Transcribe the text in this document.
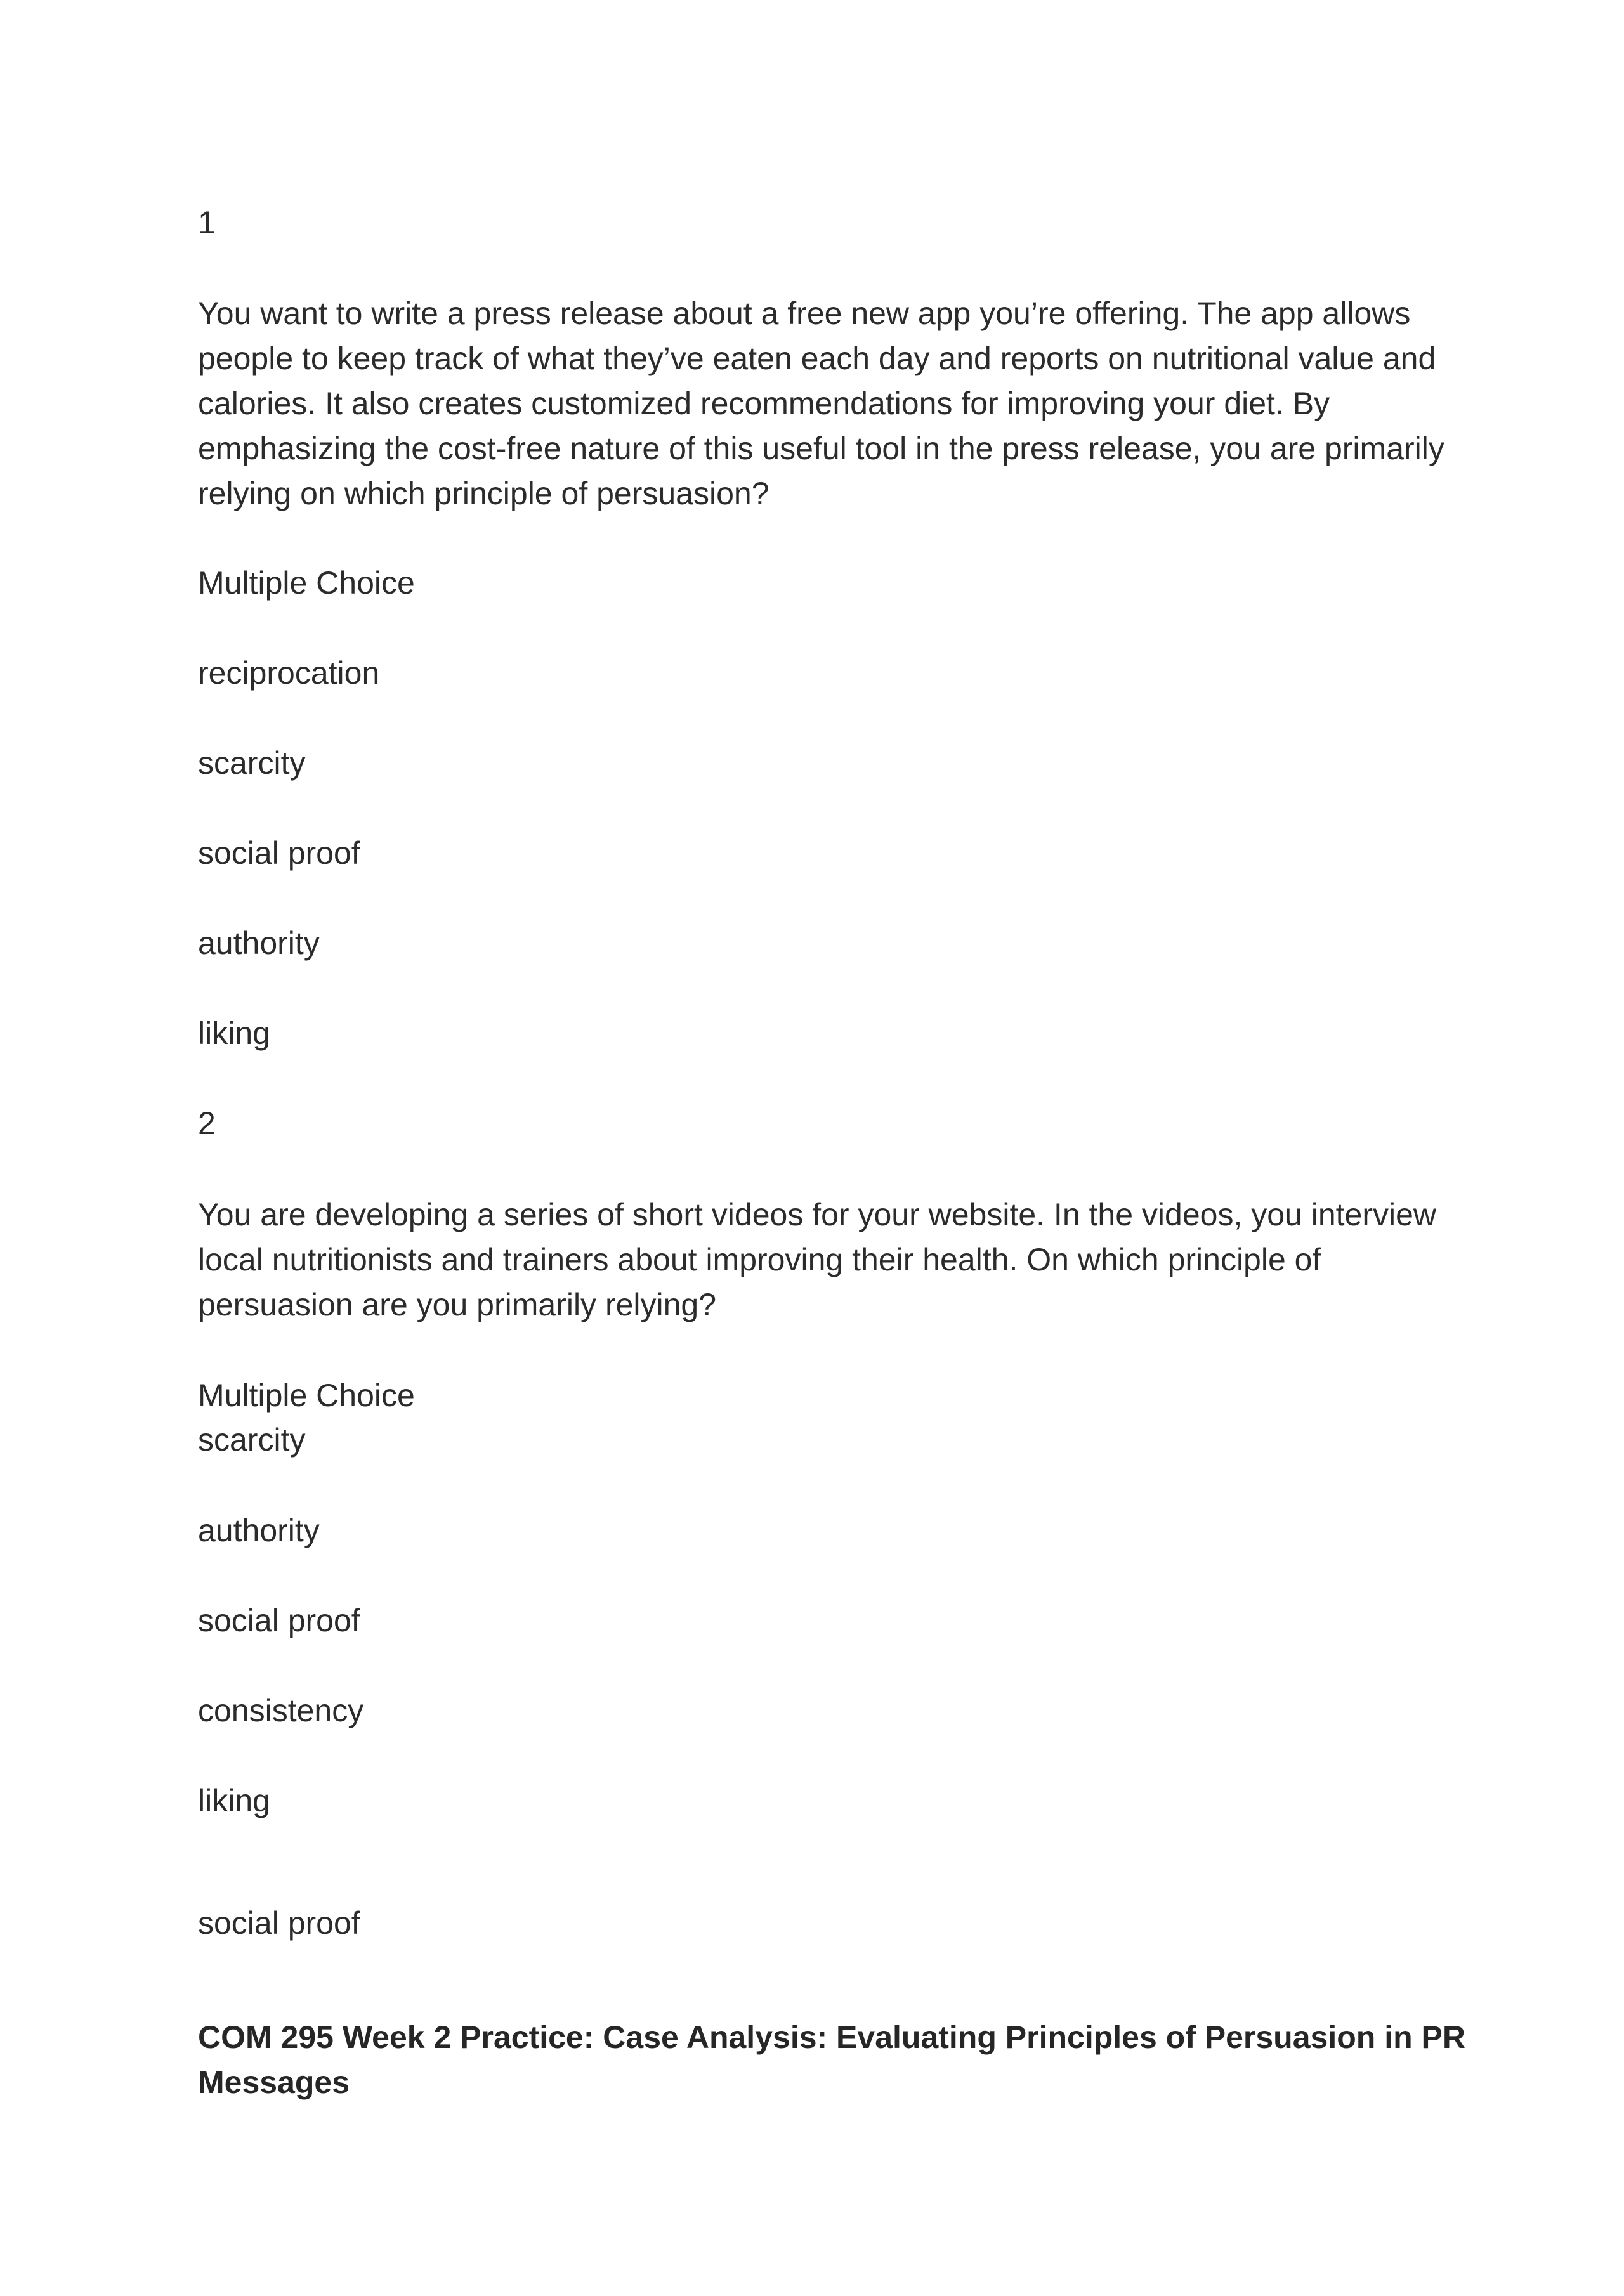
1

You want to write a press release about a free new app you’re offering. The app allows people to keep track of what they’ve eaten each day and reports on nutritional value and calories. It also creates customized recommendations for improving your diet. By emphasizing the cost-free nature of this useful tool in the press release, you are primarily relying on which principle of persuasion?

Multiple Choice

reciprocation

scarcity

social proof

authority

liking

2

You are developing a series of short videos for your website. In the videos, you interview local nutritionists and trainers about improving their health. On which principle of persuasion are you primarily relying?

Multiple Choice

scarcity

authority

social proof

consistency

liking

social proof

COM 295 Week 2 Practice: Case Analysis: Evaluating Principles of Persuasion in PR Messages
